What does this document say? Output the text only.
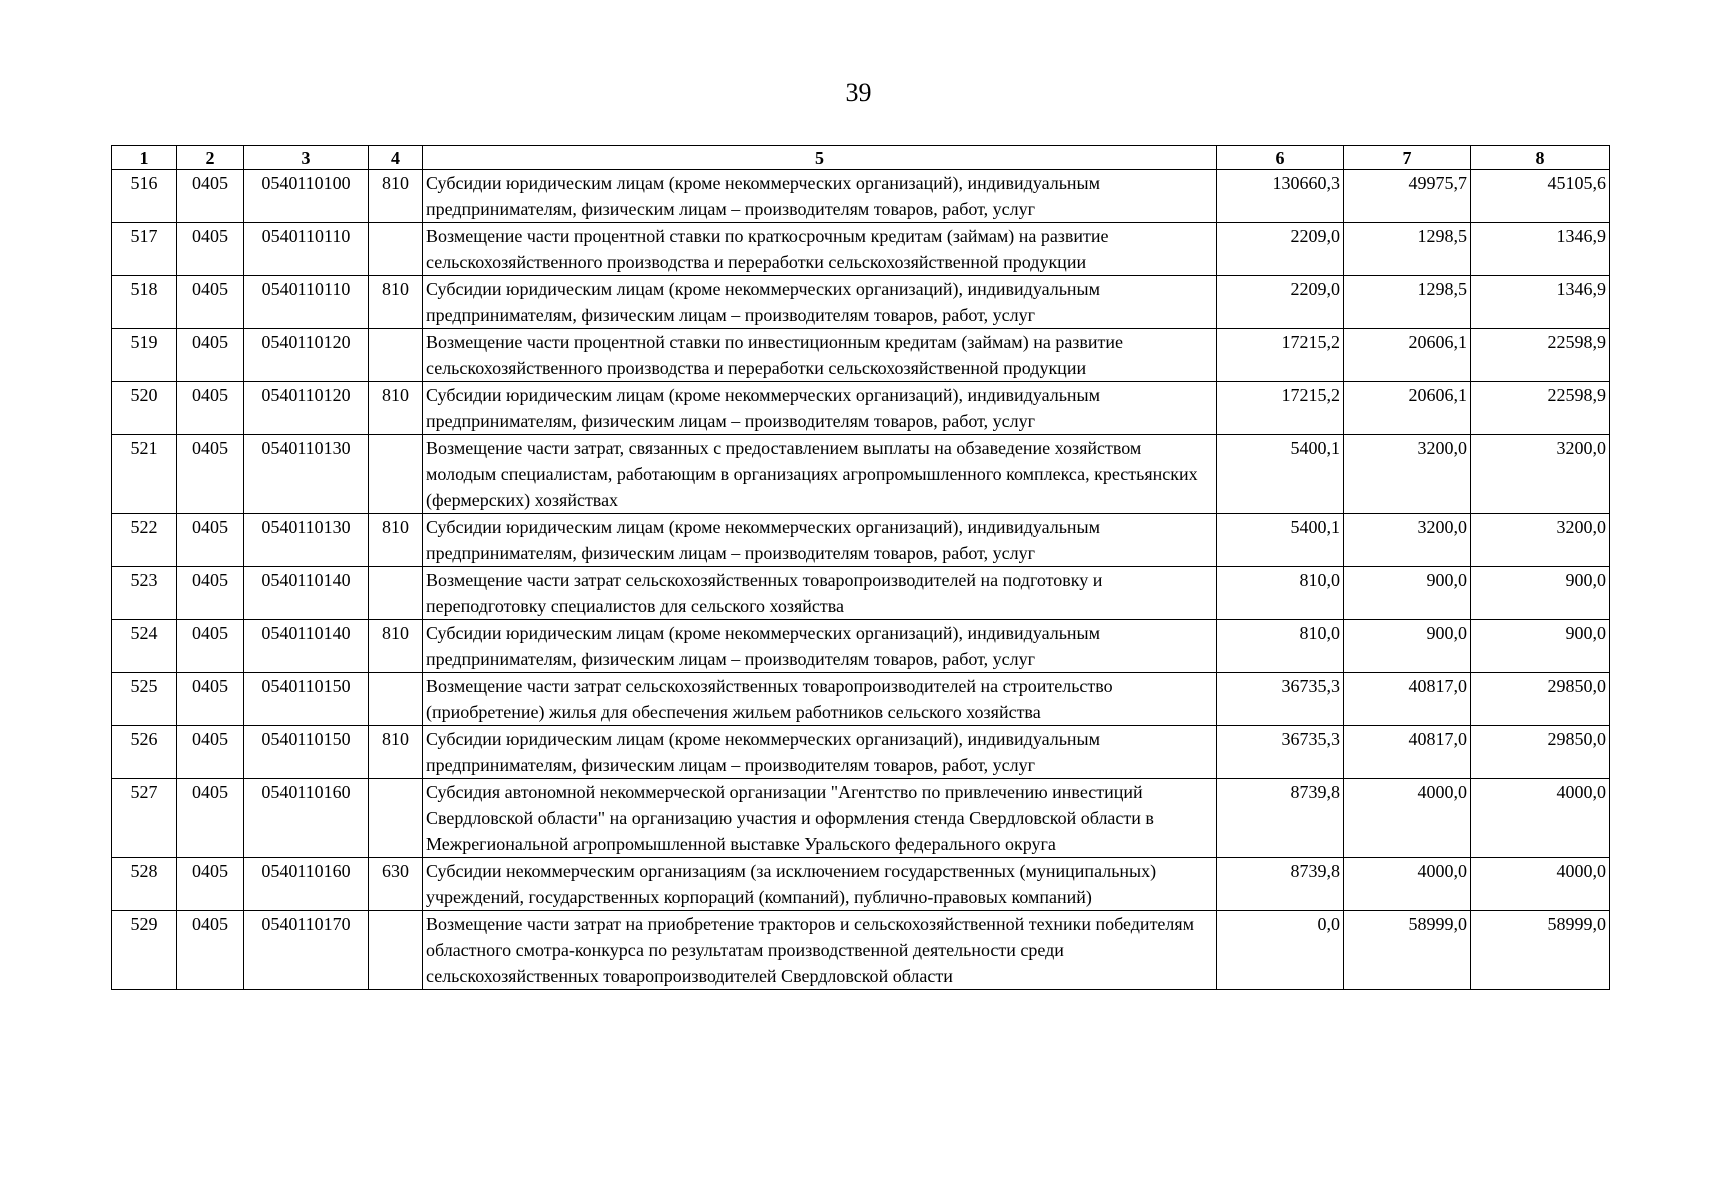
39
1	2	3	4	5	6	7	8
516	0405	0540110100	810	Субсидии юридическим лицам (кроме некоммерческих организаций), индивидуальным предпринимателям, физическим лицам – производителям товаров, работ, услуг	130660,3	49975,7	45105,6
517	0405	0540110110		Возмещение части процентной ставки по краткосрочным кредитам (займам) на развитие сельскохозяйственного производства и переработки сельскохозяйственной продукции	2209,0	1298,5	1346,9
518	0405	0540110110	810	Субсидии юридическим лицам (кроме некоммерческих организаций), индивидуальным предпринимателям, физическим лицам – производителям товаров, работ, услуг	2209,0	1298,5	1346,9
519	0405	0540110120		Возмещение части процентной ставки по инвестиционным кредитам (займам) на развитие сельскохозяйственного производства и переработки сельскохозяйственной продукции	17215,2	20606,1	22598,9
520	0405	0540110120	810	Субсидии юридическим лицам (кроме некоммерческих организаций), индивидуальным предпринимателям, физическим лицам – производителям товаров, работ, услуг	17215,2	20606,1	22598,9
521	0405	0540110130		Возмещение части затрат, связанных с предоставлением выплаты на обзаведение хозяйством молодым специалистам, работающим в организациях агропромышленного комплекса, крестьянских (фермерских) хозяйствах	5400,1	3200,0	3200,0
522	0405	0540110130	810	Субсидии юридическим лицам (кроме некоммерческих организаций), индивидуальным предпринимателям, физическим лицам – производителям товаров, работ, услуг	5400,1	3200,0	3200,0
523	0405	0540110140		Возмещение части затрат сельскохозяйственных товаропроизводителей на подготовку и переподготовку специалистов для сельского хозяйства	810,0	900,0	900,0
524	0405	0540110140	810	Субсидии юридическим лицам (кроме некоммерческих организаций), индивидуальным предпринимателям, физическим лицам – производителям товаров, работ, услуг	810,0	900,0	900,0
525	0405	0540110150		Возмещение части затрат сельскохозяйственных товаропроизводителей на строительство (приобретение) жилья для обеспечения жильем работников сельского хозяйства	36735,3	40817,0	29850,0
526	0405	0540110150	810	Субсидии юридическим лицам (кроме некоммерческих организаций), индивидуальным предпринимателям, физическим лицам – производителям товаров, работ, услуг	36735,3	40817,0	29850,0
527	0405	0540110160		Субсидия автономной некоммерческой организации "Агентство по привлечению инвестиций Свердловской области" на организацию участия и оформления стенда Свердловской области в Межрегиональной агропромышленной выставке Уральского федерального округа	8739,8	4000,0	4000,0
528	0405	0540110160	630	Субсидии некоммерческим организациям (за исключением государственных (муниципальных) учреждений, государственных корпораций (компаний), публично-правовых компаний)	8739,8	4000,0	4000,0
529	0405	0540110170		Возмещение части затрат на приобретение тракторов и сельскохозяйственной техники победителям областного смотра-конкурса по результатам производственной деятельности среди сельскохозяйственных товаропроизводителей Свердловской области	0,0	58999,0	58999,0
